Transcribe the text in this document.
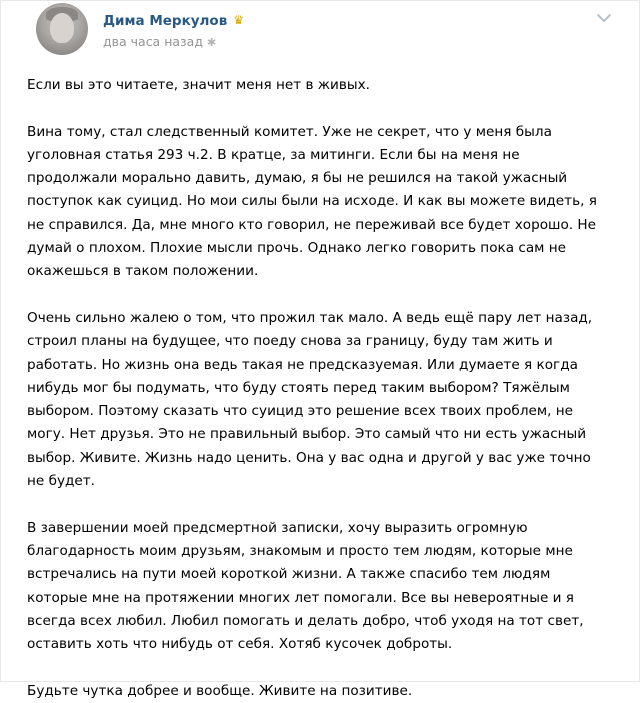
Дима Меркулов ♛
два часа назад ✱
Если вы это читаете, значит меня нет в живых.
Вина тому, стал следственный комитет. Уже не секрет, что у меня была
уголовная статья 293 ч.2. В кратце, за митинги. Если бы на меня не
продолжали морально давить, думаю, я бы не решился на такой ужасный
поступок как суицид. Но мои силы были на исходе. И как вы можете видеть, я
не справился. Да, мне много кто говорил, не переживай все будет хорошо. Не
думай о плохом. Плохие мысли прочь. Однако легко говорить пока сам не
окажешься в таком положении.
Очень сильно жалею о том, что прожил так мало. А ведь ещё пару лет назад,
строил планы на будущее, что поеду снова за границу, буду там жить и
работать. Но жизнь она ведь такая не предсказуемая. Или думаете я когда
нибудь мог бы подумать, что буду стоять перед таким выбором? Тяжёлым
выбором. Поэтому сказать что суицид это решение всех твоих проблем, не
могу. Нет друзья. Это не правильный выбор. Это самый что ни есть ужасный
выбор. Живите. Жизнь надо ценить. Она у вас одна и другой у вас уже точно
не будет.
В завершении моей предсмертной записки, хочу выразить огромную
благодарность моим друзьям, знакомым и просто тем людям, которые мне
встречались на пути моей короткой жизни. А также спасибо тем людям
которые мне на протяжении многих лет помогали. Все вы невероятные и я
всегда всех любил. Любил помогать и делать добро, чтоб уходя на тот свет,
оставить хоть что нибудь от себя. Хотяб кусочек доброты.
Будьте чутка добрее и вообще. Живите на позитиве.
